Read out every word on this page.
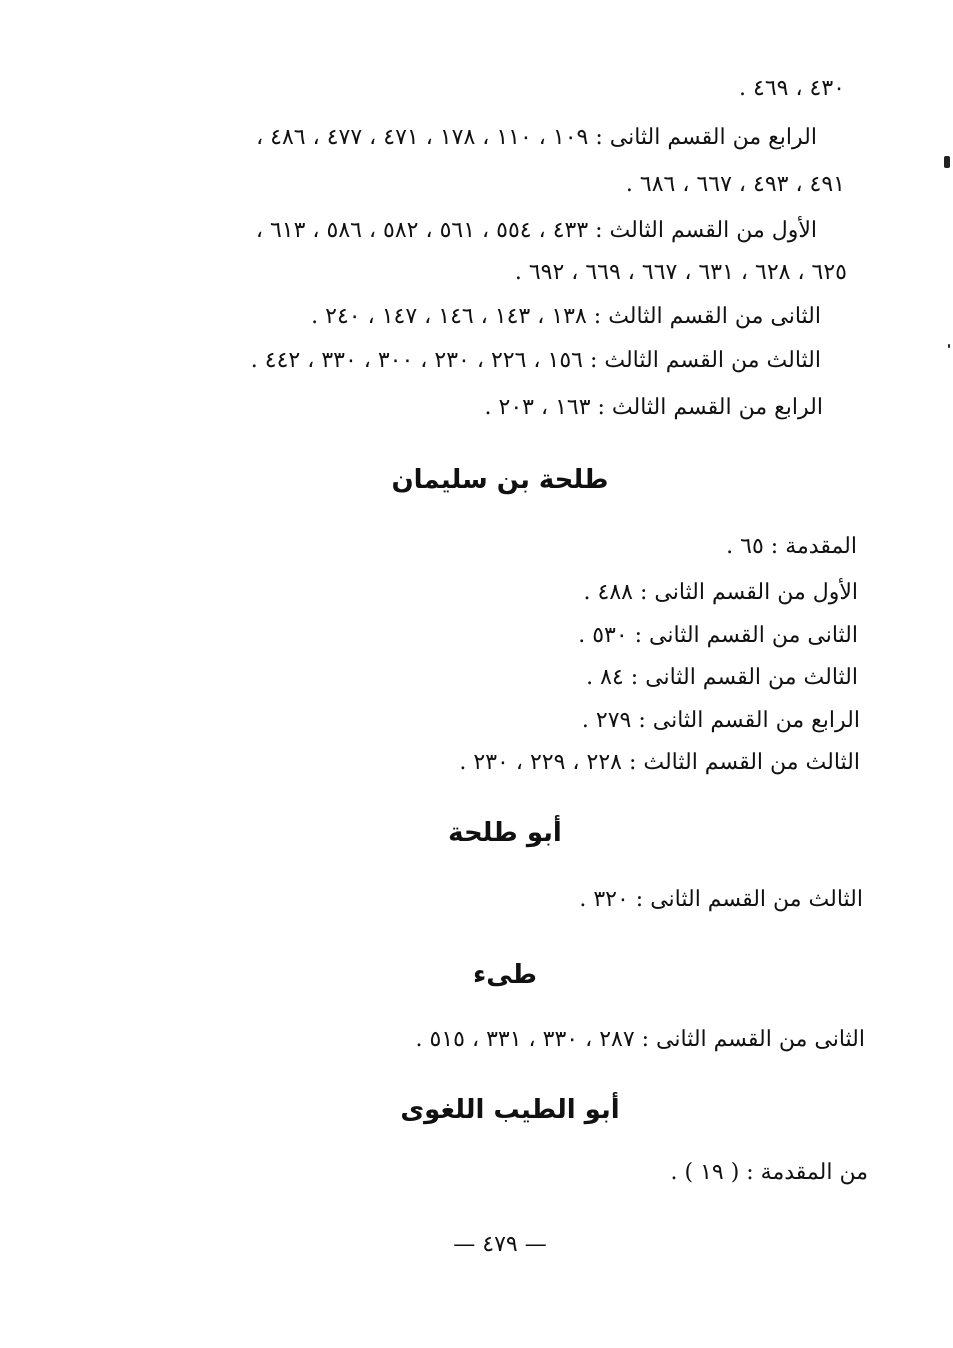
٤٣٠ ، ٤٦٩ .
الرابع من القسم الثانى : ١٠٩ ، ١١٠ ، ١٧٨ ، ٤٧١ ، ٤٧٧ ، ٤٨٦ ،
٤٩١ ، ٤٩٣ ، ٦٦٧ ، ٦٨٦ .
الأول من القسم الثالث : ٤٣٣ ، ٥٥٤ ، ٥٦١ ، ٥٨٢ ، ٥٨٦ ، ٦١٣ ،
٦٢٥ ، ٦٢٨ ، ٦٣١ ، ٦٦٧ ، ٦٦٩ ، ٦٩٢ .
الثانى من القسم الثالث : ١٣٨ ، ١٤٣ ، ١٤٦ ، ١٤٧ ، ٢٤٠ .
الثالث من القسم الثالث : ١٥٦ ، ٢٢٦ ، ٢٣٠ ، ٣٠٠ ، ٣٣٠ ، ٤٤٢ .
الرابع من القسم الثالث : ١٦٣ ، ٢٠٣ .
طلحة بن سليمان
المقدمة : ٦٥ .
الأول من القسم الثانى : ٤٨٨ .
الثانى من القسم الثانى : ٥٣٠ .
الثالث من القسم الثانى : ٨٤ .
الرابع من القسم الثانى : ٢٧٩ .
الثالث من القسم الثالث : ٢٢٨ ، ٢٢٩ ، ٢٣٠ .
أبو طلحة
الثالث من القسم الثانى : ٣٢٠ .
طىء
الثانى من القسم الثانى : ٢٨٧ ، ٣٣٠ ، ٣٣١ ، ٥١٥ .
أبو الطيب اللغوى
من المقدمة : ( ١٩ ) .
— ٤٧٩ —
